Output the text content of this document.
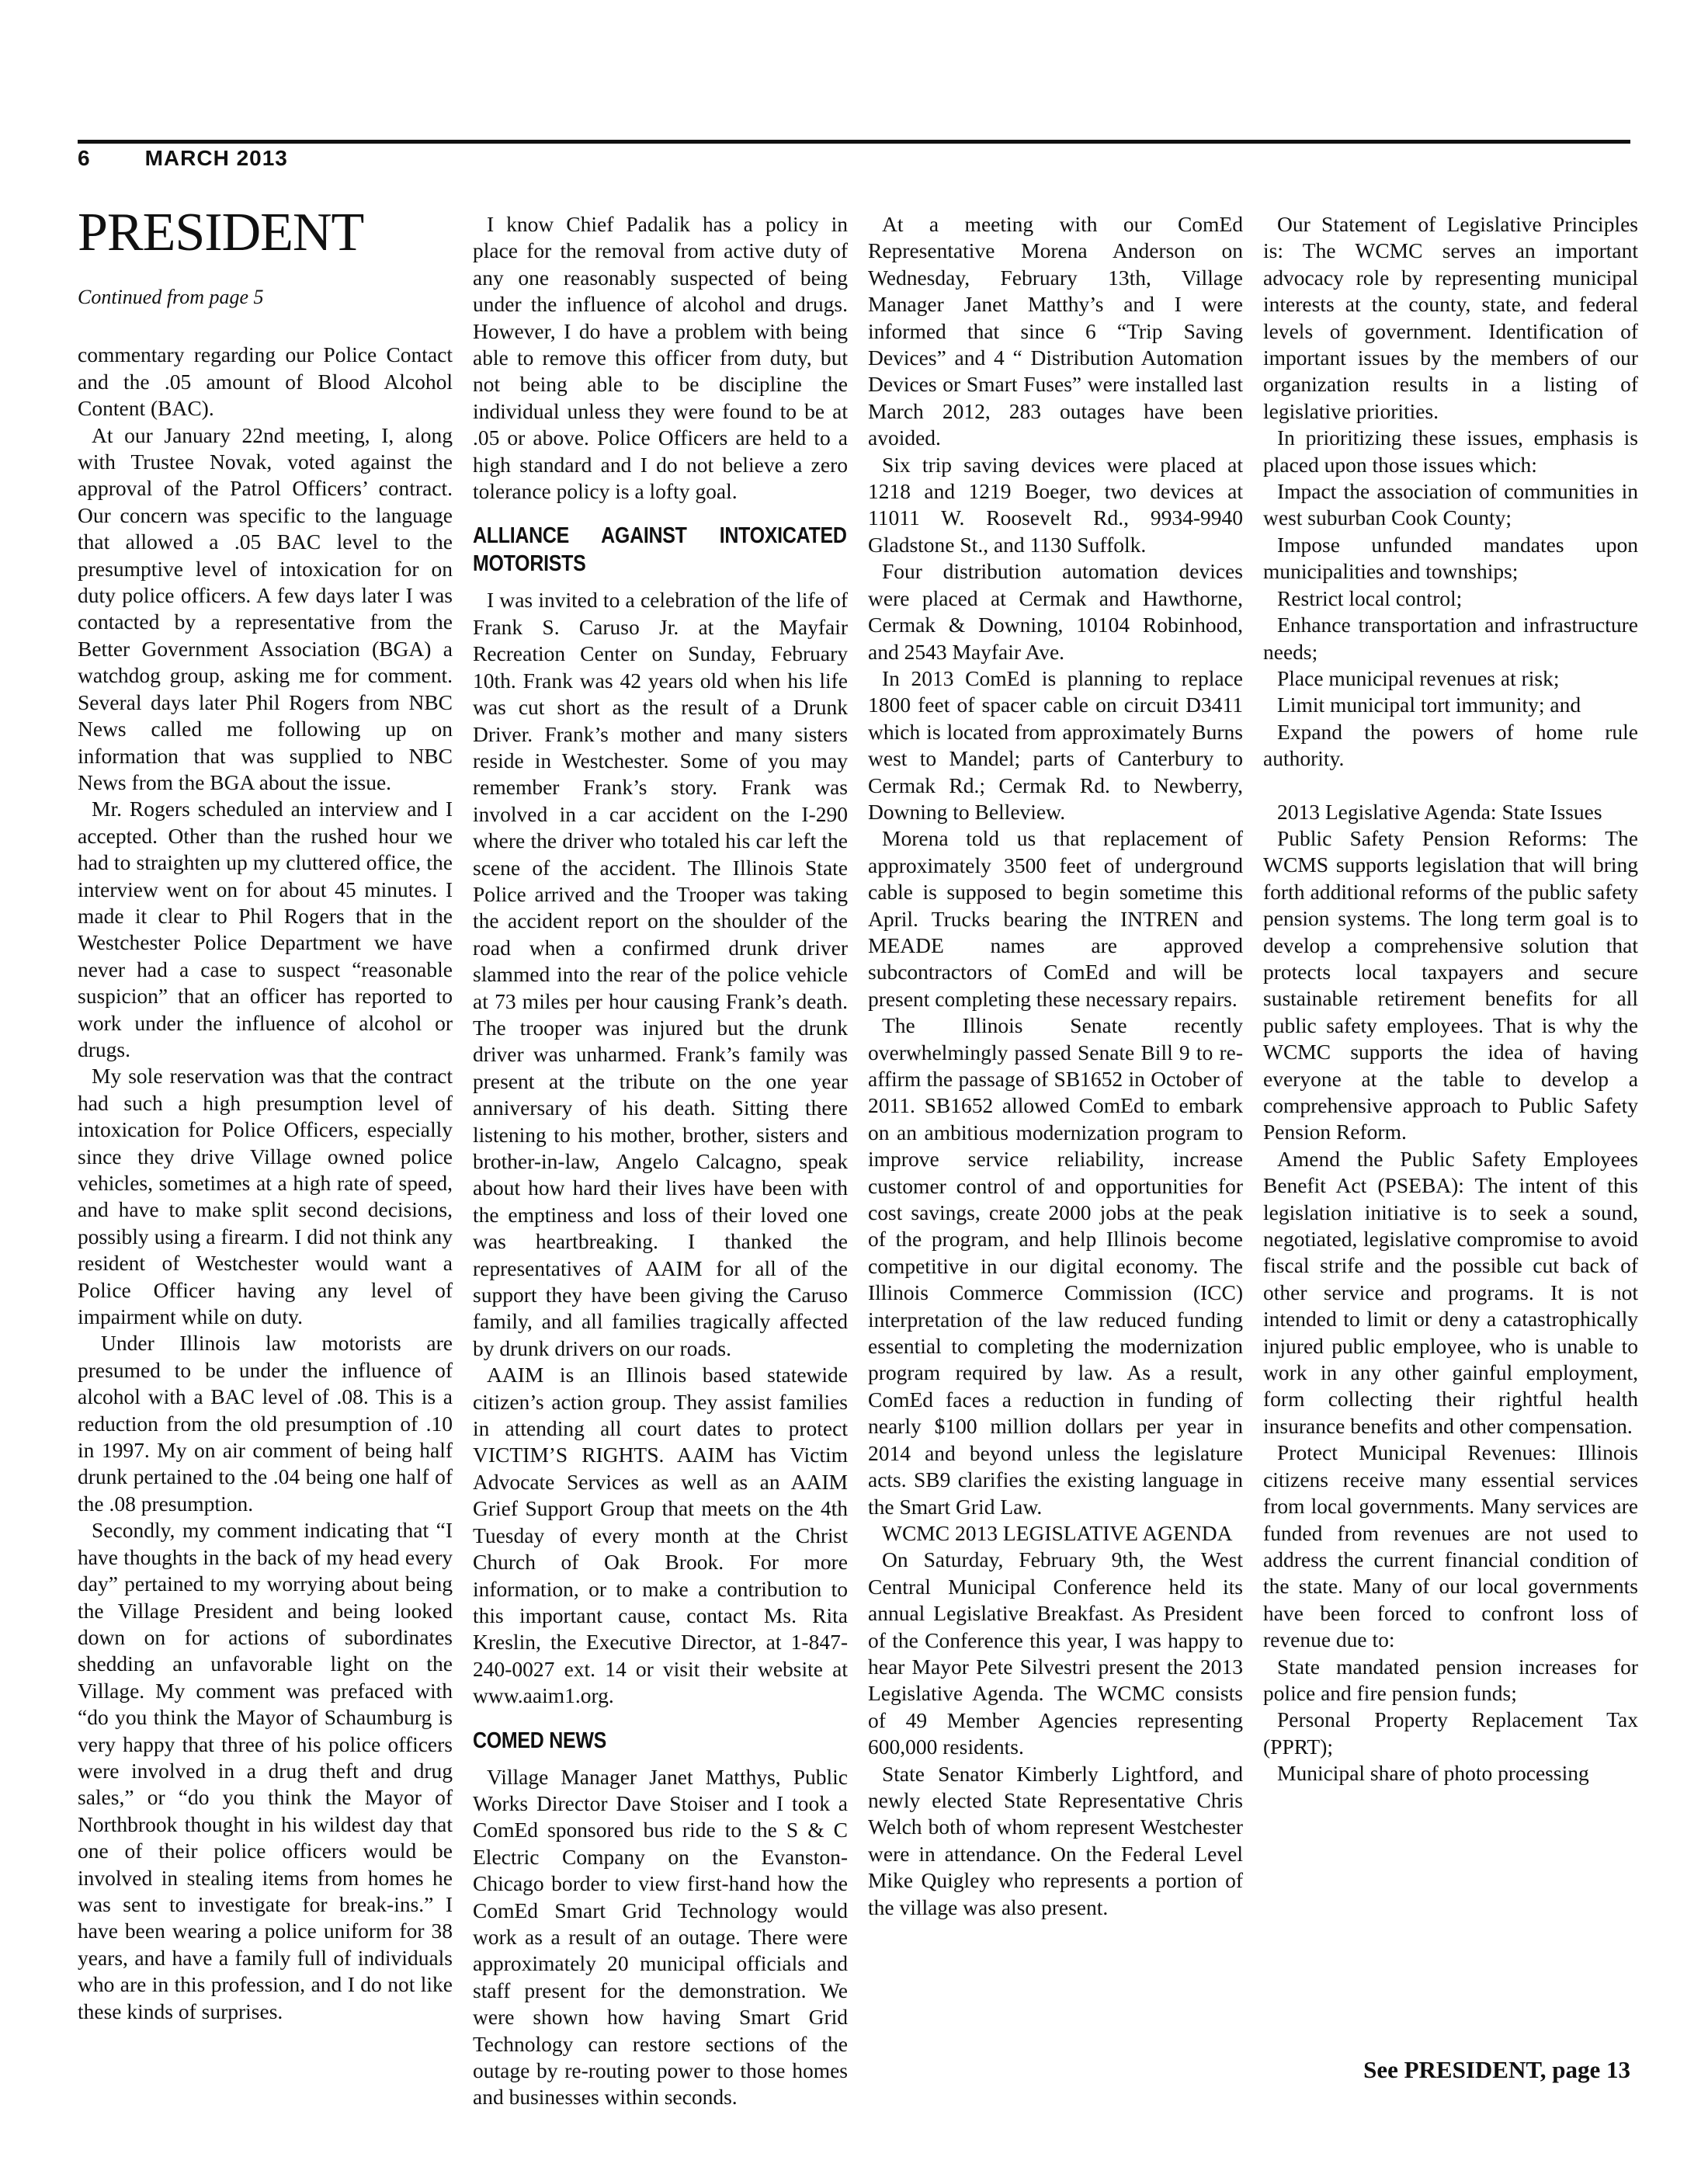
6	MARCH 2013
PRESIDENT
Continued from page 5

commentary regarding our Police Contact and the .05 amount of Blood Alcohol Content (BAC).

At our January 22nd meeting, I, along with Trustee Novak, voted against the approval of the Patrol Officers’ contract. Our concern was specific to the language that allowed a .05 BAC level to the presumptive level of intoxication for on duty police officers. A few days later I was contacted by a representative from the Better Government Association (BGA) a watchdog group, asking me for comment. Several days later Phil Rogers from NBC News called me following up on information that was supplied to NBC News from the BGA about the issue.

Mr. Rogers scheduled an interview and I accepted. Other than the rushed hour we had to straighten up my cluttered office, the interview went on for about 45 minutes. I made it clear to Phil Rogers that in the Westchester Police Department we have never had a case to suspect “reasonable suspicion” that an officer has reported to work under the influence of alcohol or drugs.

My sole reservation was that the contract had such a high presumption level of intoxication for Police Officers, especially since they drive Village owned police vehicles, sometimes at a high rate of speed, and have to make split second decisions, possibly using a firearm. I did not think any resident of Westchester would want a Police Officer having any level of impairment while on duty.

Under Illinois law motorists are presumed to be under the influence of alcohol with a BAC level of .08. This is a reduction from the old presumption of .10 in 1997. My on air comment of being half drunk pertained to the .04 being one half of the .08 presumption.

Secondly, my comment indicating that “I have thoughts in the back of my head every day” pertained to my worrying about being the Village President and being looked down on for actions of subordinates shedding an unfavorable light on the Village. My comment was prefaced with “do you think the Mayor of Schaumburg is very happy that three of his police officers were involved in a drug theft and drug sales,” or “do you think the Mayor of Northbrook thought in his wildest day that one of their police officers would be involved in stealing items from homes he was sent to investigate for break-ins.” I have been wearing a police uniform for 38 years, and have a family full of individuals who are in this profession, and I do not like these kinds of surprises.

I know Chief Padalik has a policy in place for the removal from active duty of any one reasonably suspected of being under the influence of alcohol and drugs. However, I do have a problem with being able to remove this officer from duty, but not being able to be discipline the individual unless they were found to be at .05 or above. Police Officers are held to a high standard and I do not believe a zero tolerance policy is a lofty goal.

ALLIANCE AGAINST INTOXICATED MOTORISTS

I was invited to a celebration of the life of Frank S. Caruso Jr. at the Mayfair Recreation Center on Sunday, February 10th. Frank was 42 years old when his life was cut short as the result of a Drunk Driver. Frank’s mother and many sisters reside in Westchester. Some of you may remember Frank’s story. Frank was involved in a car accident on the I-290 where the driver who totaled his car left the scene of the accident. The Illinois State Police arrived and the Trooper was taking the accident report on the shoulder of the road when a confirmed drunk driver slammed into the rear of the police vehicle at 73 miles per hour causing Frank’s death. The trooper was injured but the drunk driver was unharmed. Frank’s family was present at the tribute on the one year anniversary of his death. Sitting there listening to his mother, brother, sisters and brother-in-law, Angelo Calcagno, speak about how hard their lives have been with the emptiness and loss of their loved one was heartbreaking. I thanked the representatives of AAIM for all of the support they have been giving the Caruso family, and all families tragically affected by drunk drivers on our roads.

AAIM is an Illinois based statewide citizen’s action group. They assist families in attending all court dates to protect VICTIM’S RIGHTS. AAIM has Victim Advocate Services as well as an AAIM Grief Support Group that meets on the 4th Tuesday of every month at the Christ Church of Oak Brook. For more information, or to make a contribution to this important cause, contact Ms. Rita Kreslin, the Executive Director, at 1-847-240-0027 ext. 14 or visit their website at www.aaim1.org.

COMED NEWS

Village Manager Janet Matthys, Public Works Director Dave Stoiser and I took a ComEd sponsored bus ride to the S & C Electric Company on the Evanston-Chicago border to view first-hand how the ComEd Smart Grid Technology would work as a result of an outage. There were approximately 20 municipal officials and staff present for the demonstration. We were shown how having Smart Grid Technology can restore sections of the outage by re-routing power to those homes and businesses within seconds.

At a meeting with our ComEd Representative Morena Anderson on Wednesday, February 13th, Village Manager Janet Matthy’s and I were informed that since 6 “Trip Saving Devices” and 4 “ Distribution Automation Devices or Smart Fuses” were installed last March 2012, 283 outages have been avoided.

Six trip saving devices were placed at 1218 and 1219 Boeger, two devices at 11011 W. Roosevelt Rd., 9934-9940 Gladstone St., and 1130 Suffolk.

Four distribution automation devices were placed at Cermak and Hawthorne, Cermak & Downing, 10104 Robinhood, and 2543 Mayfair Ave.

In 2013 ComEd is planning to replace 1800 feet of spacer cable on circuit D3411 which is located from approximately Burns west to Mandel; parts of Canterbury to Cermak Rd.; Cermak Rd. to Newberry, Downing to Belleview.

Morena told us that replacement of approximately 3500 feet of underground cable is supposed to begin sometime this April. Trucks bearing the INTREN and MEADE names are approved subcontractors of ComEd and will be present completing these necessary repairs.

The Illinois Senate recently overwhelmingly passed Senate Bill 9 to re-affirm the passage of SB1652 in October of 2011. SB1652 allowed ComEd to embark on an ambitious modernization program to improve service reliability, increase customer control of and opportunities for cost savings, create 2000 jobs at the peak of the program, and help Illinois become competitive in our digital economy. The Illinois Commerce Commission (ICC) interpretation of the law reduced funding essential to completing the modernization program required by law. As a result, ComEd faces a reduction in funding of nearly $100 million dollars per year in 2014 and beyond unless the legislature acts. SB9 clarifies the existing language in the Smart Grid Law.

WCMC 2013 LEGISLATIVE AGENDA

On Saturday, February 9th, the West Central Municipal Conference held its annual Legislative Breakfast. As President of the Conference this year, I was happy to hear Mayor Pete Silvestri present the 2013 Legislative Agenda. The WCMC consists of 49 Member Agencies representing 600,000 residents.

State Senator Kimberly Lightford, and newly elected State Representative Chris Welch both of whom represent Westchester were in attendance. On the Federal Level Mike Quigley who represents a portion of the village was also present.

Our Statement of Legislative Principles is: The WCMC serves an important advocacy role by representing municipal interests at the county, state, and federal levels of government. Identification of important issues by the members of our organization results in a listing of legislative priorities.

In prioritizing these issues, emphasis is placed upon those issues which:

Impact the association of communities in west suburban Cook County;

Impose unfunded mandates upon municipalities and townships;

Restrict local control;

Enhance transportation and infrastructure needs;

Place municipal revenues at risk;

Limit municipal tort immunity; and

Expand the powers of home rule authority.

2013 Legislative Agenda: State Issues

Public Safety Pension Reforms: The WCMS supports legislation that will bring forth additional reforms of the public safety pension systems. The long term goal is to develop a comprehensive solution that protects local taxpayers and secure sustainable retirement benefits for all public safety employees. That is why the WCMC supports the idea of having everyone at the table to develop a comprehensive approach to Public Safety Pension Reform.

Amend the Public Safety Employees Benefit Act (PSEBA): The intent of this legislation initiative is to seek a sound, negotiated, legislative compromise to avoid fiscal strife and the possible cut back of other service and programs. It is not intended to limit or deny a catastrophically injured public employee, who is unable to work in any other gainful employment, form collecting their rightful health insurance benefits and other compensation.

Protect Municipal Revenues: Illinois citizens receive many essential services from local governments. Many services are funded from revenues are not used to address the current financial condition of the state. Many of our local governments have been forced to confront loss of revenue due to:

State mandated pension increases for police and fire pension funds;

Personal Property Replacement Tax (PPRT);

Municipal share of photo processing

See PRESIDENT, page 13
